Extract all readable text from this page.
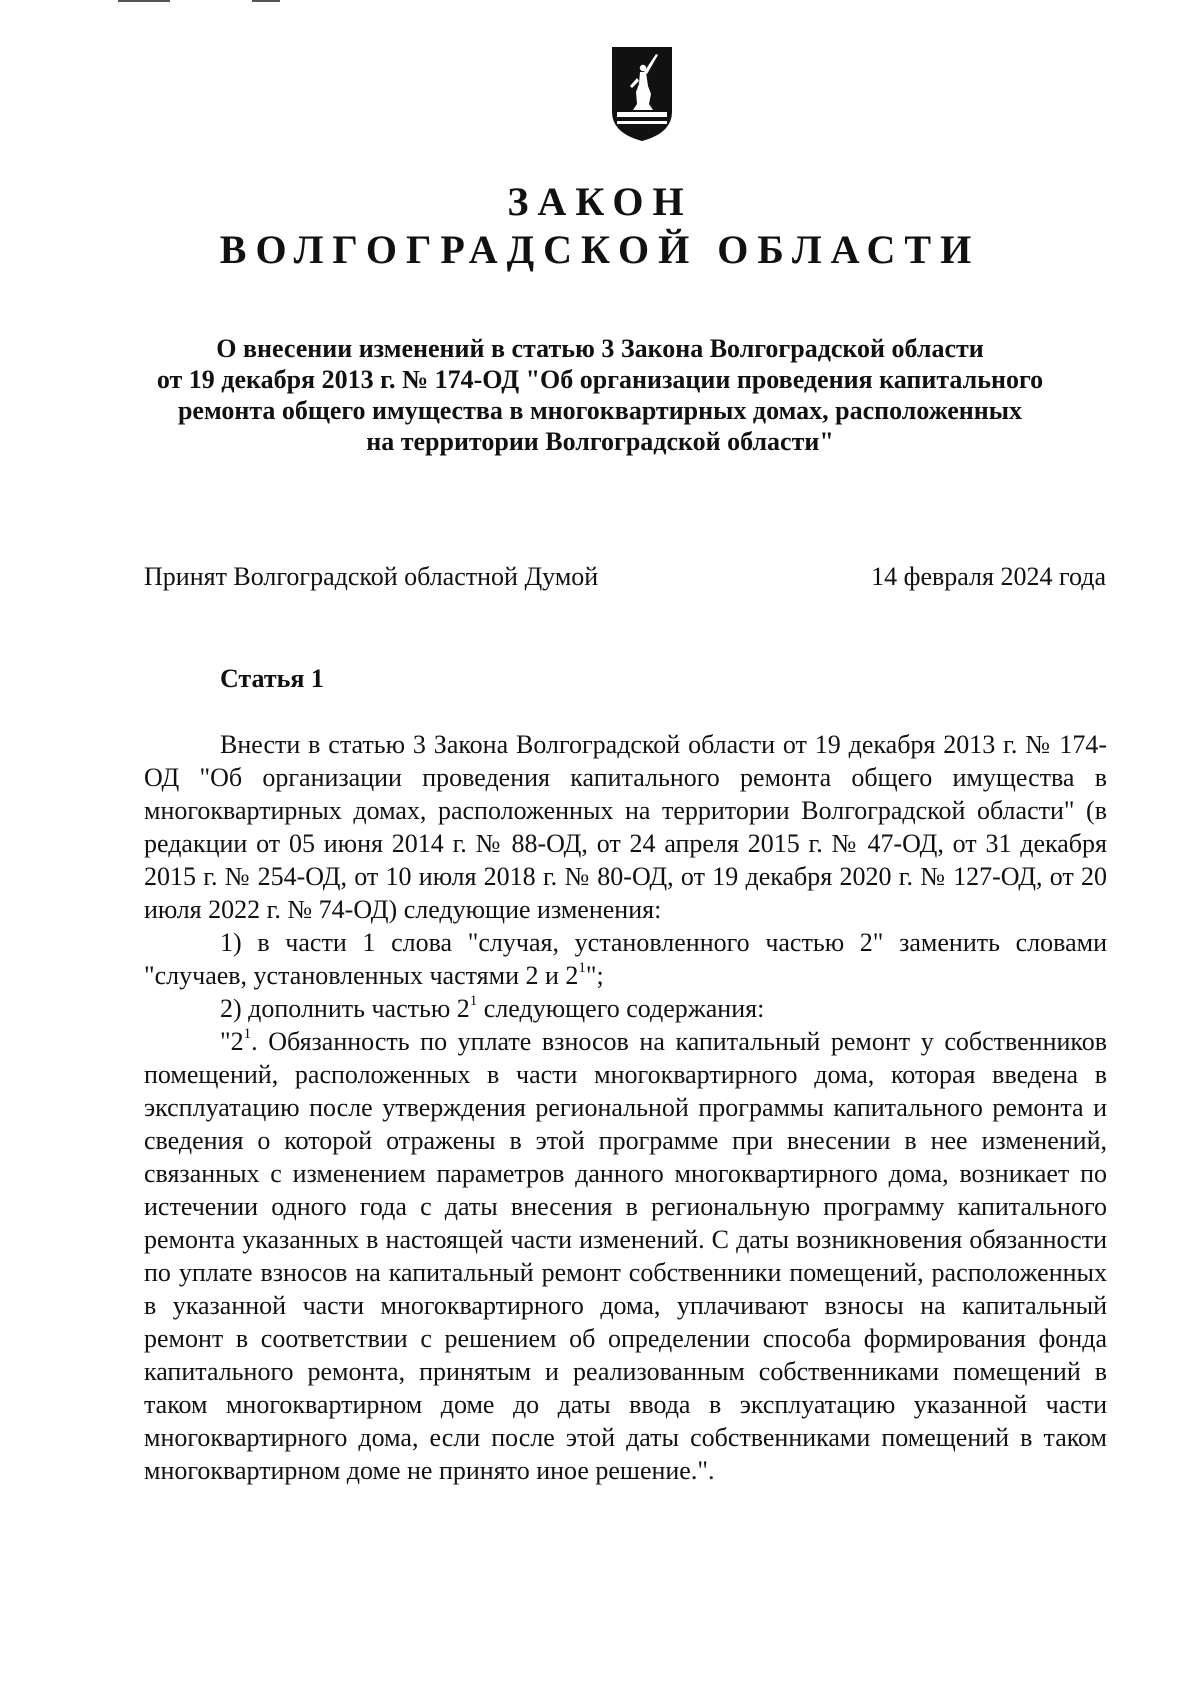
ЗАКОН
ВОЛГОГРАДСКОЙ ОБЛАСТИ
О внесении изменений в статью 3 Закона Волгоградской области
от 19 декабря 2013 г. № 174-ОД "Об организации проведения капитального
ремонта общего имущества в многоквартирных домах, расположенных
на территории Волгоградской области"
Принят Волгоградской областной Думой	14 февраля 2024 года
Статья 1

Внести в статью 3 Закона Волгоградской области от 19 декабря 2013 г. № 174-ОД "Об организации проведения капитального ремонта общего имущества в многоквартирных домах, расположенных на территории Волгоградской области" (в редакции от 05 июня 2014 г. № 88-ОД, от 24 апреля 2015 г. № 47-ОД, от 31 декабря 2015 г. № 254-ОД, от 10 июля 2018 г. № 80-ОД, от 19 декабря 2020 г. № 127-ОД, от 20 июля 2022 г. № 74-ОД) следующие изменения:

1) в части 1 слова "случая, установленного частью 2" заменить словами "случаев, установленных частями 2 и $2^1$";

2) дополнить частью $2^1$ следующего содержания:

"$2^1$. Обязанность по уплате взносов на капитальный ремонт у собственников помещений, расположенных в части многоквартирного дома, которая введена в эксплуатацию после утверждения региональной программы капитального ремонта и сведения о которой отражены в этой программе при внесении в нее изменений, связанных с изменением параметров данного многоквартирного дома, возникает по истечении одного года с даты внесения в региональную программу капитального ремонта указанных в настоящей части изменений. С даты возникновения обязанности по уплате взносов на капитальный ремонт собственники помещений, расположенных в указанной части многоквартирного дома, уплачивают взносы на капитальный ремонт в соответствии с решением об определении способа формирования фонда капитального ремонта, принятым и реализованным собственниками помещений в таком многоквартирном доме до даты ввода в эксплуатацию указанной части многоквартирного дома, если после этой даты собственниками помещений в таком многоквартирном доме не принято иное решение.".
